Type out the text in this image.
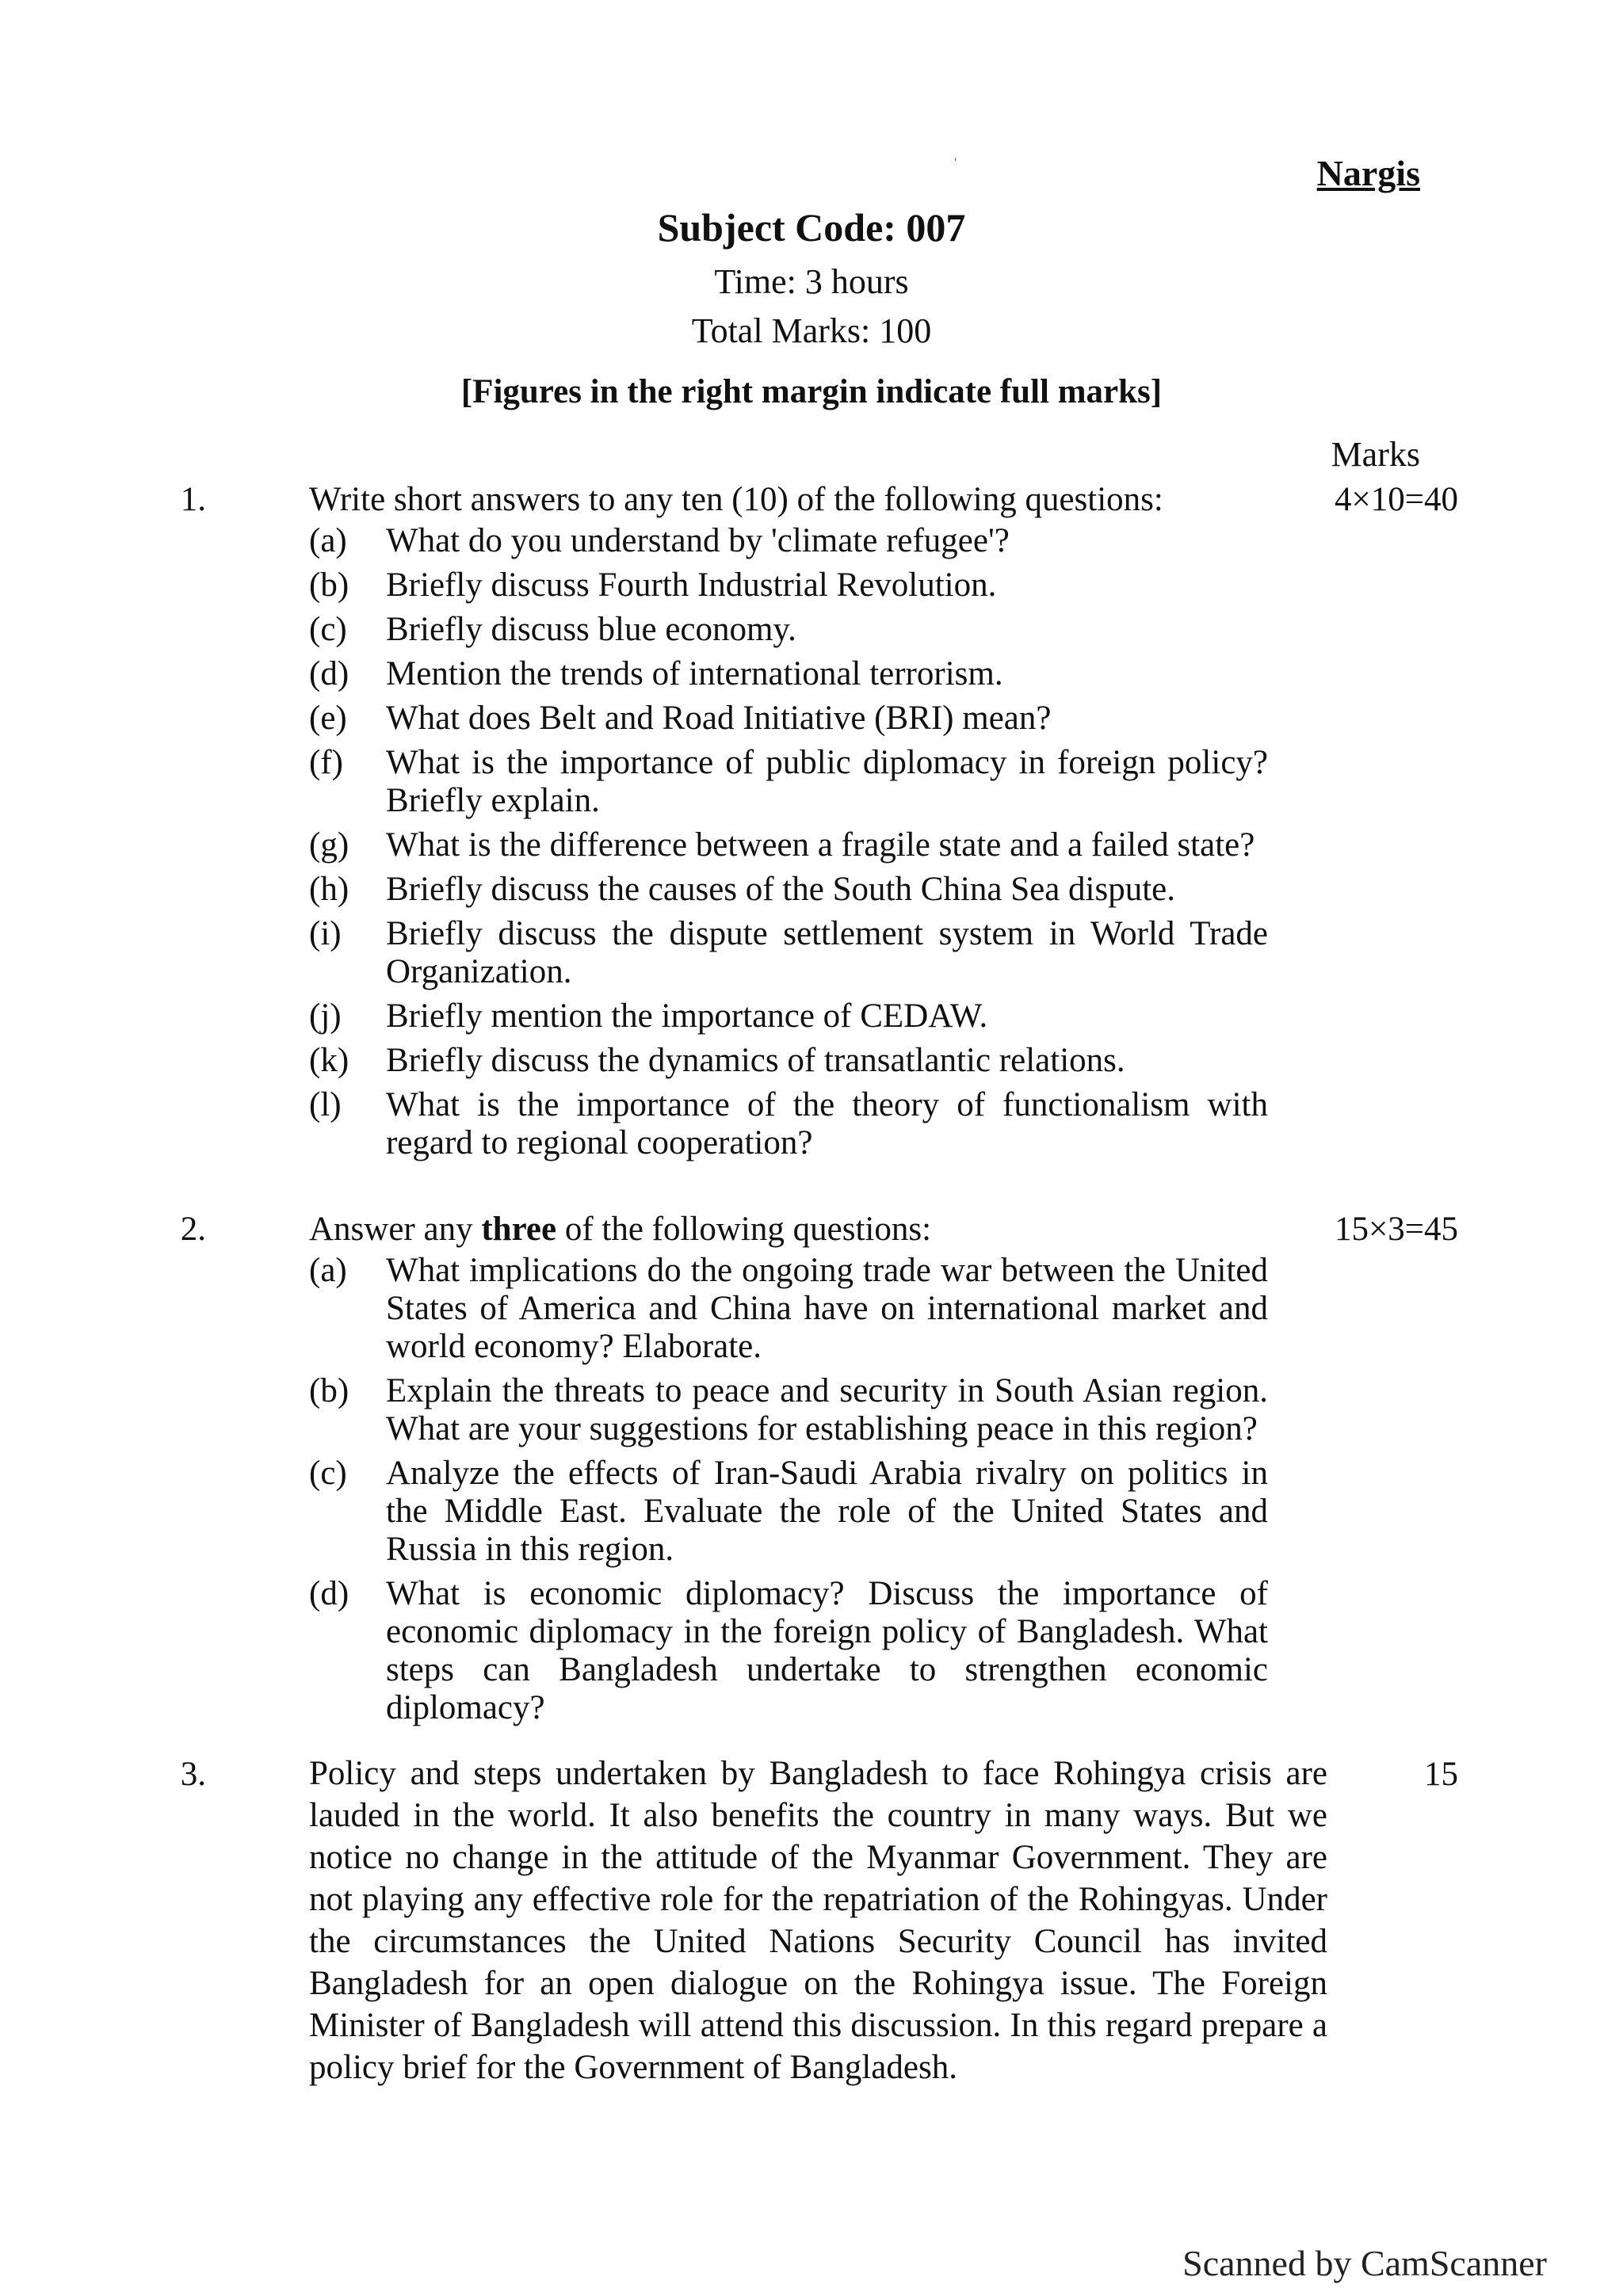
ˌ
Nargis
Subject Code: 007
Time: 3 hours
Total Marks: 100
[Figures in the right margin indicate full marks]
Marks
1.	Write short answers to any ten (10) of the following questions:	4×10=40
(a)	What do you understand by 'climate refugee'?
(b)	Briefly discuss Fourth Industrial Revolution.
(c)	Briefly discuss blue economy.
(d)	Mention the trends of international terrorism.
(e)	What does Belt and Road Initiative (BRI) mean?
(f)	What is the importance of public diplomacy in foreign policy? Briefly explain.
(g)	What is the difference between a fragile state and a failed state?
(h)	Briefly discuss the causes of the South China Sea dispute.
(i)	Briefly discuss the dispute settlement system in World Trade Organization.
(j)	Briefly mention the importance of CEDAW.
(k)	Briefly discuss the dynamics of transatlantic relations.
(l)	What is the importance of the theory of functionalism with regard to regional cooperation?
2.	Answer any three of the following questions:	15×3=45
(a)	What implications do the ongoing trade war between the United States of America and China have on international market and world economy? Elaborate.
(b)	Explain the threats to peace and security in South Asian region. What are your suggestions for establishing peace in this region?
(c)	Analyze the effects of Iran-Saudi Arabia rivalry on politics in the Middle East. Evaluate the role of the United States and Russia in this region.
(d)	What is economic diplomacy? Discuss the importance of economic diplomacy in the foreign policy of Bangladesh. What steps can Bangladesh undertake to strengthen economic diplomacy?
3.	Policy and steps undertaken by Bangladesh to face Rohingya crisis are lauded in the world. It also benefits the country in many ways. But we notice no change in the attitude of the Myanmar Government. They are not playing any effective role for the repatriation of the Rohingyas. Under the circumstances the United Nations Security Council has invited Bangladesh for an open dialogue on the Rohingya issue. The Foreign Minister of Bangladesh will attend this discussion. In this regard prepare a policy brief for the Government of Bangladesh.
15
Scanned by CamScanner
